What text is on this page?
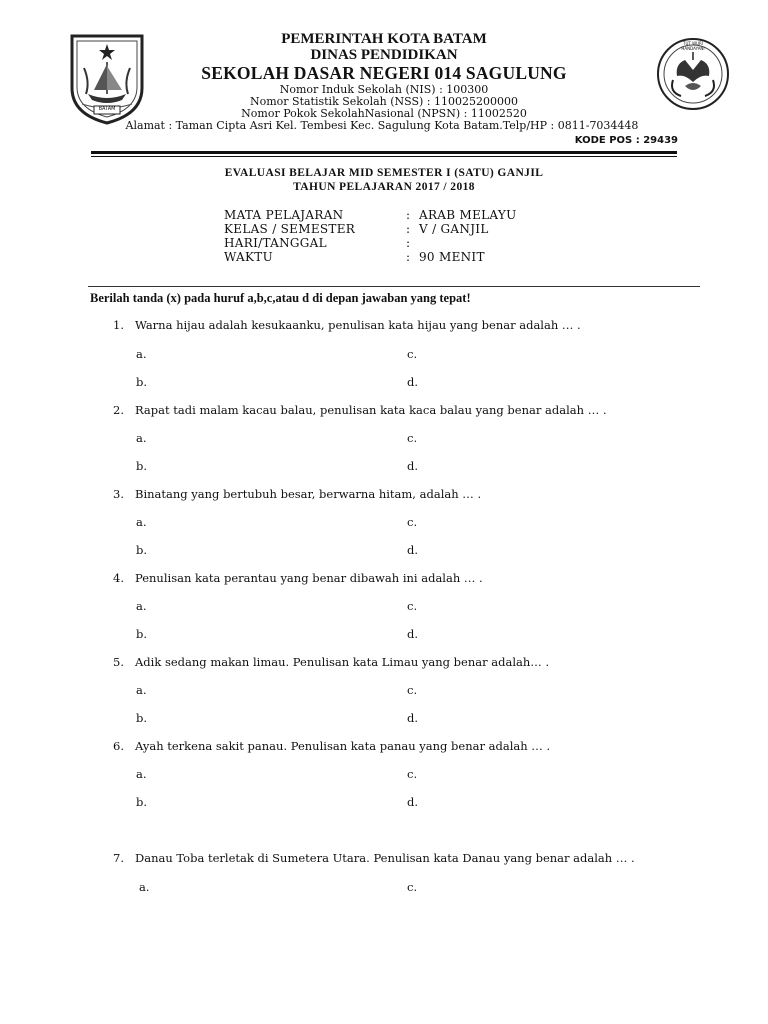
BATAM
TUT WURI HANDAYANI
PEMERINTAH KOTA BATAM
DINAS PENDIDIKAN
SEKOLAH DASAR NEGERI 014 SAGULUNG
Nomor Induk Sekolah (NIS) : 100300
Nomor Statistik Sekolah (NSS) : 110025200000
Nomor Pokok SekolahNasional (NPSN) : 11002520
Alamat : Taman Cipta Asri Kel. Tembesi Kec. Sagulung Kota Batam.Telp/HP : 0811-7034448
KODE POS : 29439
EVALUASI BELAJAR MID SEMESTER I (SATU) GANJIL
TAHUN PELAJARAN 2017 / 2018
MATA PELAJARAN	: ARAB MELAYU
KELAS / SEMESTER	: V / GANJIL
HARI/TANGGAL	:
WAKTU	: 90 MENIT
Berilah tanda (x) pada huruf a,b,c,atau d di depan jawaban yang tepat!
1. Warna hijau adalah kesukaanku, penulisan kata hijau yang benar adalah … .
a.	c.
b.	d.
2. Rapat tadi malam kacau balau, penulisan kata kaca balau yang benar adalah … .
a.	c.
b.	d.
3. Binatang yang bertubuh besar, berwarna hitam, adalah … .
a.	c.
b.	d.
4. Penulisan kata perantau yang benar dibawah ini adalah … .
a.	c.
b.	d.
5. Adik sedang makan limau. Penulisan kata Limau yang benar adalah… .
a.	c.
b.	d.
6. Ayah terkena sakit panau. Penulisan kata panau yang benar adalah … .
a.	c.
b.	d.
7. Danau Toba terletak di Sumetera Utara. Penulisan kata Danau yang benar adalah … .
a.	c.
